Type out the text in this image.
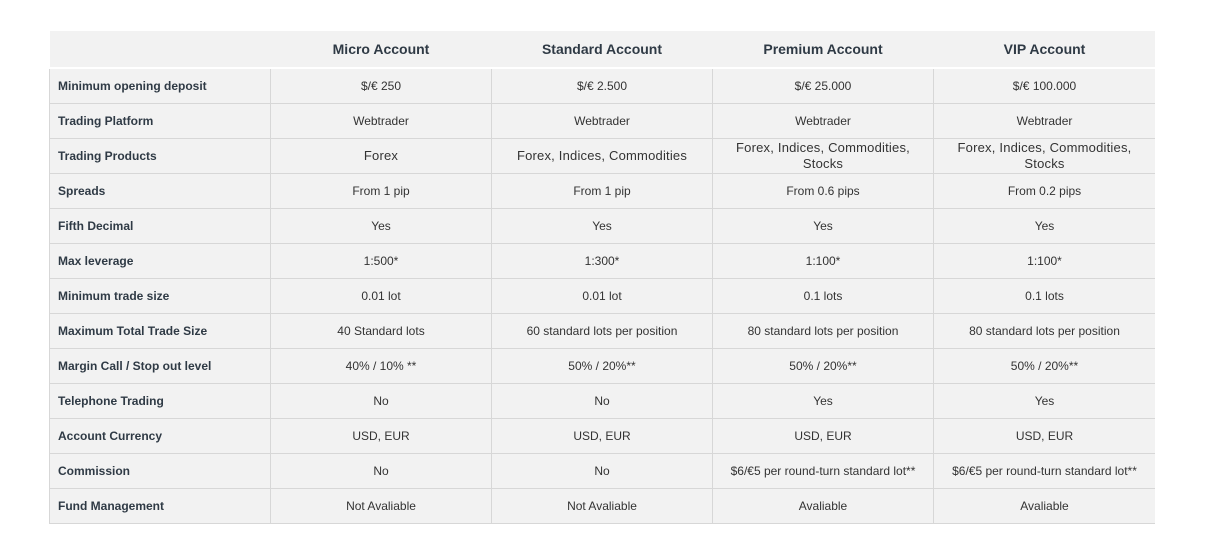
	Micro Account	Standard Account	Premium Account	VIP Account
Minimum opening deposit	$/€ 250	$/€ 2.500	$/€ 25.000	$/€ 100.000
Trading Platform	Webtrader	Webtrader	Webtrader	Webtrader
Trading Products	Forex	Forex, Indices, Commodities	Forex, Indices, Commodities, Stocks	Forex, Indices, Commodities, Stocks
Spreads	From 1 pip	From 1 pip	From 0.6 pips	From 0.2 pips
Fifth Decimal	Yes	Yes	Yes	Yes
Max leverage	1:500*	1:300*	1:100*	1:100*
Minimum trade size	0.01 lot	0.01 lot	0.1 lots	0.1 lots
Maximum Total Trade Size	40 Standard lots	60 standard lots per position	80 standard lots per position	80 standard lots per position
Margin Call / Stop out level	40% / 10% **	50% / 20%**	50% / 20%**	50% / 20%**
Telephone Trading	No	No	Yes	Yes
Account Currency	USD, EUR	USD, EUR	USD, EUR	USD, EUR
Commission	No	No	$6/€5 per round-turn standard lot**	$6/€5 per round-turn standard lot**
Fund Management	Not Avaliable	Not Avaliable	Avaliable	Avaliable
